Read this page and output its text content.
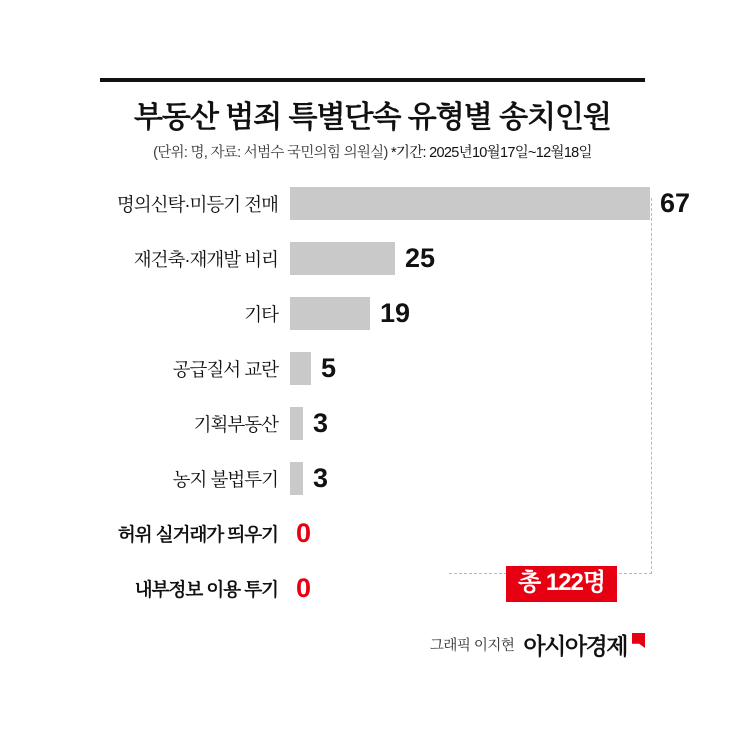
부동산 범죄 특별단속 유형별 송치인원
(단위: 명, 자료: 서범수 국민의힘 의원실) *기간: 2025년10월17일~12월18일
명의신탁·미등기 전매	67
재건축·재개발 비리	25
기타	19
공급질서 교란	5
기획부동산	3
농지 불법투기	3
허위 실거래가 띄우기 0
내부정보 이용 투기 0	총 122명
그래픽 이지현 아시아경제
